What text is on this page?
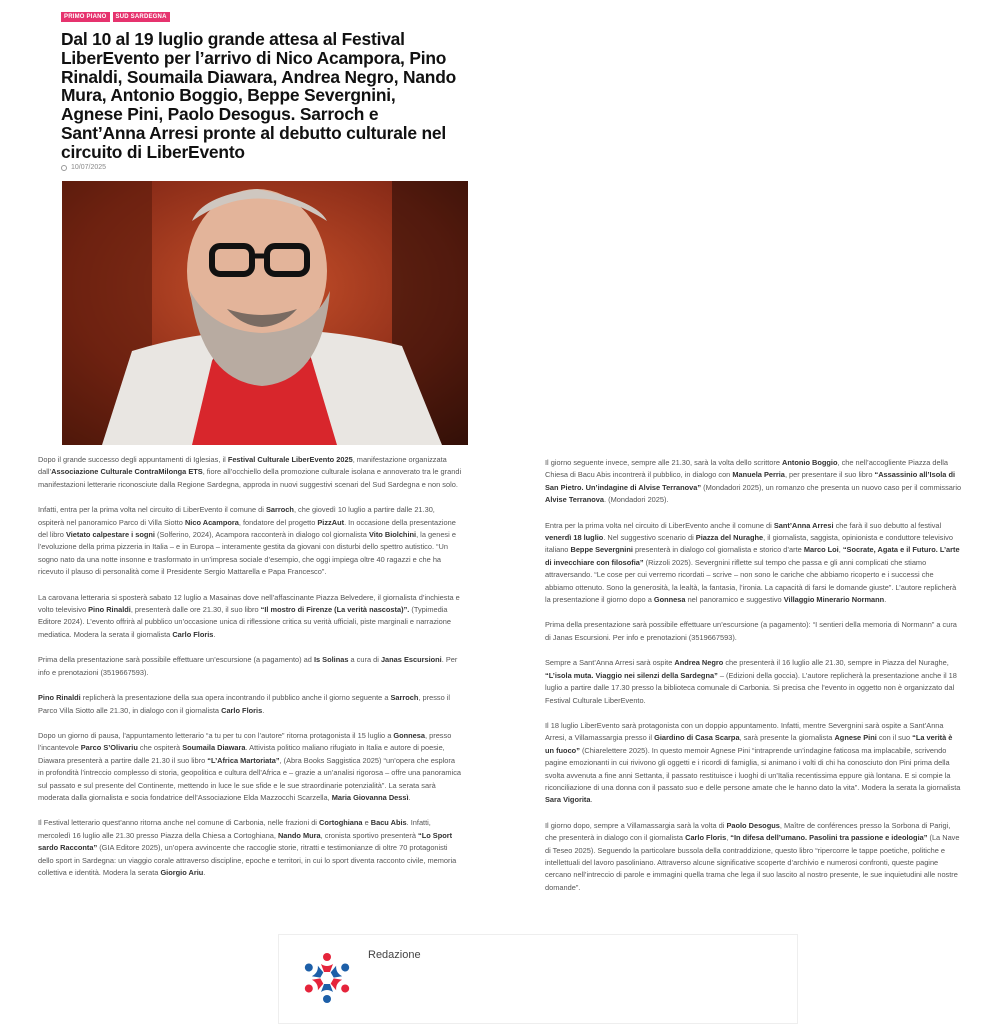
PRIMO PIANO	SUD SARDEGNA
Dal 10 al 19 luglio grande attesa al Festival LiberEvento per l’arrivo di Nico Acampora, Pino Rinaldi, Soumaila Diawara, Andrea Negro, Nando Mura, Antonio Boggio, Beppe Severgnini, Agnese Pini, Paolo Desogus. Sarroch e Sant’Anna Arresi pronte al debutto culturale nel circuito di LiberEvento
10/07/2025

Dopo il grande successo degli appuntamenti di Iglesias, il Festival Culturale LiberEvento 2025, manifestazione organizzata dall’Associazione Culturale ContraMilonga ETS, fiore all’occhiello della promozione culturale isolana e annoverato tra le grandi manifestazioni letterarie riconosciute dalla Regione Sardegna, approda in nuovi suggestivi scenari del Sud Sardegna e non solo.

Infatti, entra per la prima volta nel circuito di LiberEvento il comune di Sarroch, che giovedì 10 luglio a partire dalle 21.30, ospiterà nel panoramico Parco di Villa Siotto Nico Acampora, fondatore del progetto PizzAut. In occasione della presentazione del libro Vietato calpestare i sogni (Solferino, 2024), Acampora racconterà in dialogo col giornalista Vito Biolchini, la genesi e l’evoluzione della prima pizzeria in Italia – e in Europa – interamente gestita da giovani con disturbi dello spettro autistico. “Un sogno nato da una notte insonne e trasformato in un’impresa sociale d’esempio, che oggi impiega oltre 40 ragazzi e che ha ricevuto il plauso di personalità come il Presidente Sergio Mattarella e Papa Francesco”.

La carovana letteraria si sposterà sabato 12 luglio a Masainas dove nell’affascinante Piazza Belvedere, il giornalista d’inchiesta e volto televisivo Pino Rinaldi, presenterà dalle ore 21.30, il suo libro “Il mostro di Firenze (La verità nascosta)”. (Typimedia Editore 2024). L’evento offrirà al pubblico un’occasione unica di riflessione critica su verità ufficiali, piste marginali e narrazione mediatica. Modera la serata il giornalista Carlo Floris.

Prima della presentazione sarà possibile effettuare un’escursione (a pagamento) ad Is Solinas a cura di Janas Escursioni. Per info e prenotazioni (3519667593).

Pino Rinaldi replicherà la presentazione della sua opera incontrando il pubblico anche il giorno seguente a Sarroch, presso il Parco Villa Siotto alle 21.30, in dialogo con il giornalista Carlo Floris.

Dopo un giorno di pausa, l’appuntamento letterario “a tu per tu con l’autore” ritorna protagonista il 15 luglio a Gonnesa, presso l’incantevole Parco S’Olivariu che ospiterà Soumaila Diawara. Attivista politico maliano rifugiato in Italia e autore di poesie, Diawara presenterà a partire dalle 21.30 il suo libro “L’Africa Martoriata”, (Abra Books Saggistica 2025) “un’opera che esplora in profondità l’intreccio complesso di storia, geopolitica e cultura dell’Africa e – grazie a un’analisi rigorosa – offre una panoramica sul passato e sul presente del Continente, mettendo in luce le sue sfide e le sue straordinarie potenzialità”. La serata sarà moderata dalla giornalista e socia fondatrice dell’Associazione Elda Mazzocchi Scarzella, Maria Giovanna Dessì.

Il Festival letterario quest’anno ritorna anche nel comune di Carbonia, nelle frazioni di Cortoghiana e Bacu Abis. Infatti, mercoledì 16 luglio alle 21.30 presso Piazza della Chiesa a Cortoghiana, Nando Mura, cronista sportivo presenterà “Lo Sport sardo Racconta” (GIA Editore 2025), un’opera avvincente che raccoglie storie, ritratti e testimonianze di oltre 70 protagonisti dello sport in Sardegna: un viaggio corale attraverso discipline, epoche e territori, in cui lo sport diventa racconto civile, memoria collettiva e identità. Modera la serata Giorgio Ariu.

Il giorno seguente invece, sempre alle 21.30, sarà la volta dello scrittore Antonio Boggio, che nell’accogliente Piazza della Chiesa di Bacu Abis incontrerà il pubblico, in dialogo con Manuela Perria, per presentare il suo libro “Assassinio all’Isola di San Pietro. Un’indagine di Alvise Terranova” (Mondadori 2025), un romanzo che presenta un nuovo caso per il commissario Alvise Terranova. (Mondadori 2025).

Entra per la prima volta nel circuito di LiberEvento anche il comune di Sant’Anna Arresi che farà il suo debutto al festival venerdì 18 luglio. Nel suggestivo scenario di Piazza del Nuraghe, il giornalista, saggista, opinionista e conduttore televisivo italiano Beppe Severgnini presenterà in dialogo col giornalista e storico d’arte Marco Loi, “Socrate, Agata e il Futuro. L’arte di invecchiare con filosofia” (Rizzoli 2025). Severgnini riflette sul tempo che passa e gli anni complicati che stiamo attraversando. “Le cose per cui verremo ricordati – scrive – non sono le cariche che abbiamo ricoperto e i successi che abbiamo ottenuto. Sono la generosità, la lealtà, la fantasia, l’ironia. La capacità di farsi le domande giuste”. L’autore replicherà la presentazione il giorno dopo a Gonnesa nel panoramico e suggestivo Villaggio Minerario Normann.

Prima della presentazione sarà possibile effettuare un’escursione (a pagamento): “I sentieri della memoria di Normann” a cura di Janas Escursioni. Per info e prenotazioni (3519667593).

Sempre a Sant’Anna Arresi sarà ospite Andrea Negro che presenterà il 16 luglio alle 21.30, sempre in Piazza del Nuraghe, “L’isola muta. Viaggio nei silenzi della Sardegna” – (Edizioni della goccia). L’autore replicherà la presentazione anche il 18 luglio a partire dalle 17.30 presso la biblioteca comunale di Carbonia. Si precisa che l’evento in oggetto non è organizzato dal Festival Culturale LiberEvento.

Il 18 luglio LiberEvento sarà protagonista con un doppio appuntamento. Infatti, mentre Severgnini sarà ospite a Sant’Anna Arresi, a Villamassargia presso il Giardino di Casa Scarpa, sarà presente la giornalista Agnese Pini con il suo “La verità è un fuoco” (Chiarelettere 2025). In questo memoir Agnese Pini “intraprende un’indagine faticosa ma implacabile, scrivendo pagine emozionanti in cui rivivono gli oggetti e i ricordi di famiglia, si animano i volti di chi ha conosciuto don Pini prima della svolta avvenuta a fine anni Settanta, il passato restituisce i luoghi di un’Italia recentissima eppure già lontana. E si compie la riconciliazione di una donna con il passato suo e delle persone amate che le hanno dato la vita”. Modera la serata la giornalista Sara Vigorita.

Il giorno dopo, sempre a Villamassargia sarà la volta di Paolo Desogus, Maître de conférences presso la Sorbona di Parigi, che presenterà in dialogo con il giornalista Carlo Floris, “In difesa dell’umano. Pasolini tra passione e ideologia” (La Nave di Teseo 2025). Seguendo la particolare bussola della contraddizione, questo libro “ripercorre le tappe poetiche, politiche e intellettuali del lavoro pasoliniano. Attraverso alcune significative scoperte d’archivio e numerosi confronti, queste pagine cercano nell’intreccio di parole e immagini quella trama che lega il suo lascito al nostro presente, le sue inquietudini alle nostre domande”.

Redazione
